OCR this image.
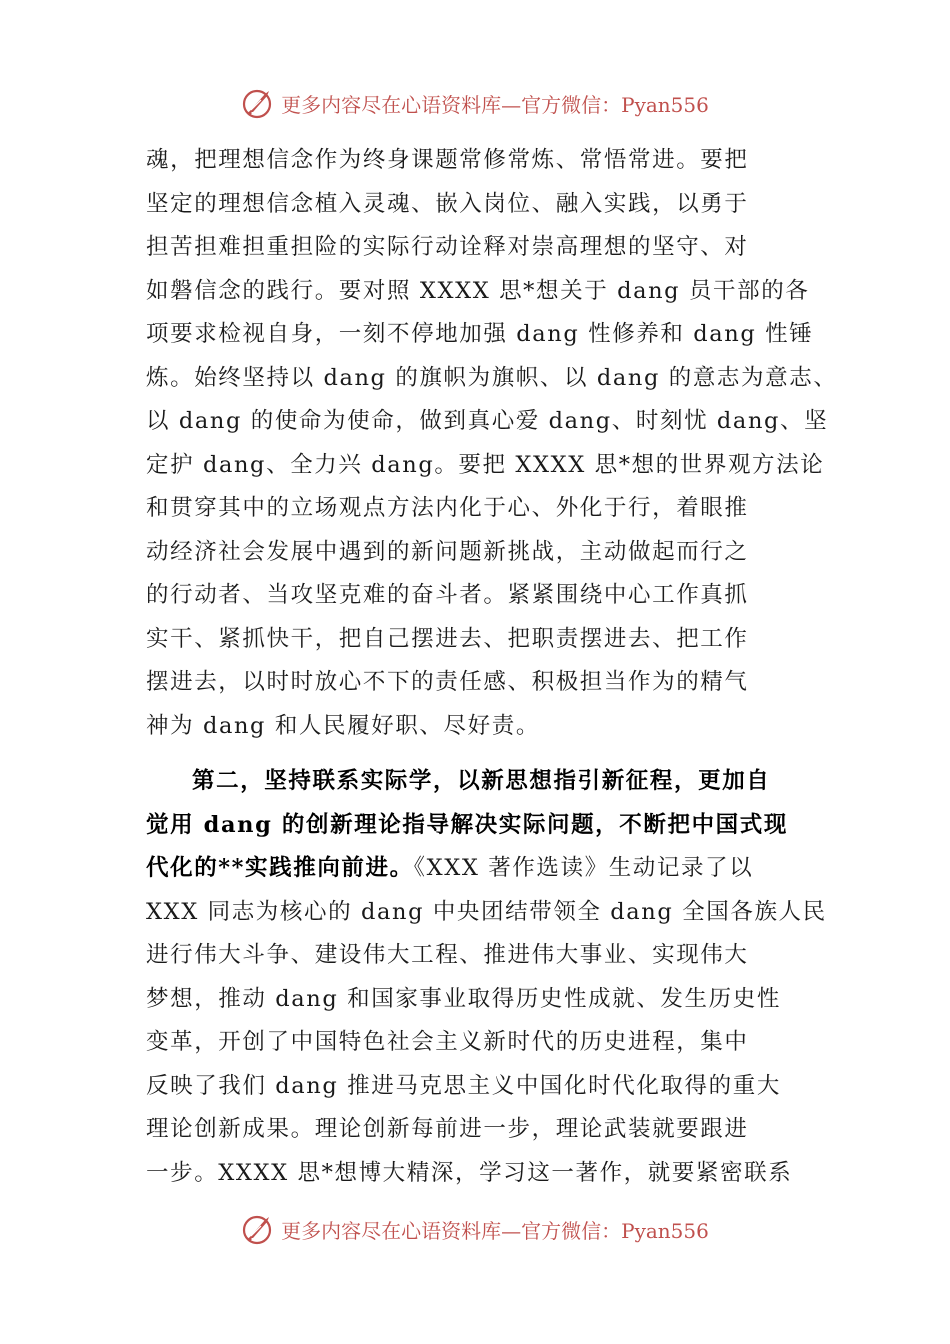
更多内容尽在心语资料库—官方微信：Pyan556
魂，把理想信念作为终身课题常修常炼、常悟常进。要把
坚定的理想信念植入灵魂、嵌入岗位、融入实践，以勇于
担苦担难担重担险的实际行动诠释对崇高理想的坚守、对
如磐信念的践行。要对照 XXXX 思*想关于 dang 员干部的各
项要求检视自身，一刻不停地加强 dang 性修养和 dang 性锤
炼。始终坚持以 dang 的旗帜为旗帜、以 dang 的意志为意志、
以 dang 的使命为使命，做到真心爱 dang、时刻忧 dang、坚
定护 dang、全力兴 dang。要把 XXXX 思*想的世界观方法论
和贯穿其中的立场观点方法内化于心、外化于行，着眼推
动经济社会发展中遇到的新问题新挑战，主动做起而行之
的行动者、当攻坚克难的奋斗者。紧紧围绕中心工作真抓
实干、紧抓快干，把自己摆进去、把职责摆进去、把工作
摆进去，以时时放心不下的责任感、积极担当作为的精气
神为 dang 和人民履好职、尽好责。
第二，坚持联系实际学，以新思想指引新征程，更加自
觉用 dang 的创新理论指导解决实际问题，不断把中国式现
代化的**实践推向前进。《XXX 著作选读》生动记录了以
XXX 同志为核心的 dang 中央团结带领全 dang 全国各族人民
进行伟大斗争、建设伟大工程、推进伟大事业、实现伟大
梦想，推动 dang 和国家事业取得历史性成就、发生历史性
变革，开创了中国特色社会主义新时代的历史进程，集中
反映了我们 dang 推进马克思主义中国化时代化取得的重大
理论创新成果。理论创新每前进一步，理论武装就要跟进
一步。XXXX 思*想博大精深，学习这一著作，就要紧密联系
更多内容尽在心语资料库—官方微信：Pyan556
